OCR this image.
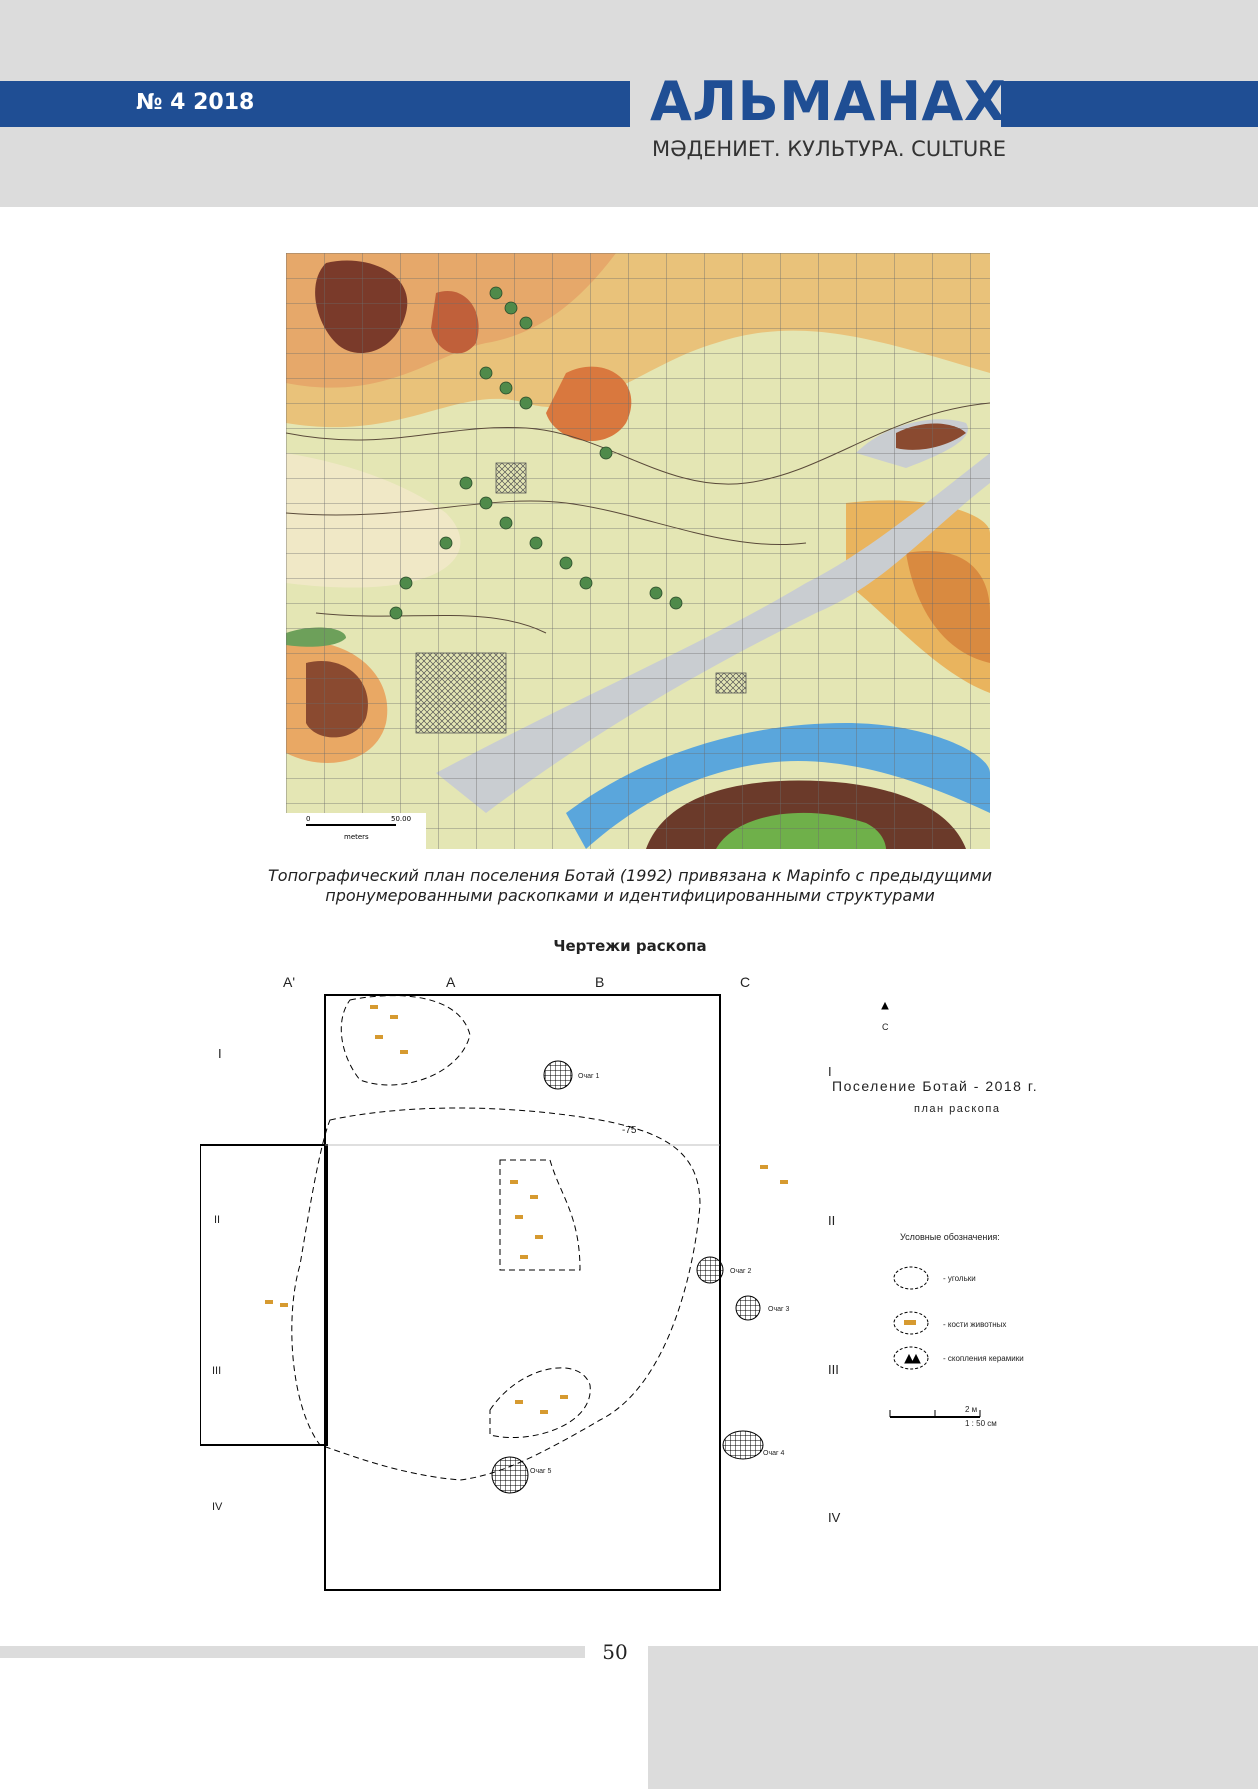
№ 4 2018	АЛЬМАНАХ
МӘДЕНИЕТ. КУЛЬТУРА. CULTURE
0	50.00
meters
Топографический план поселения Ботай (1992) привязана к Mapinfo с предыдущими
пронумерованными раскопками и идентифицированными структурами
Чертежи раскопа
A'	A	B	C
I
II
III
IV
I
II
III
IV
С
Поселение Ботай - 2018 г.
план раскопа
Условные обозначения:
- угольки
- кости животных
- скопления керамики
2 м
1 : 50 см
-75
Очаг 1
Очаг 2
Очаг 3
Очаг 4
Очаг 5
50
